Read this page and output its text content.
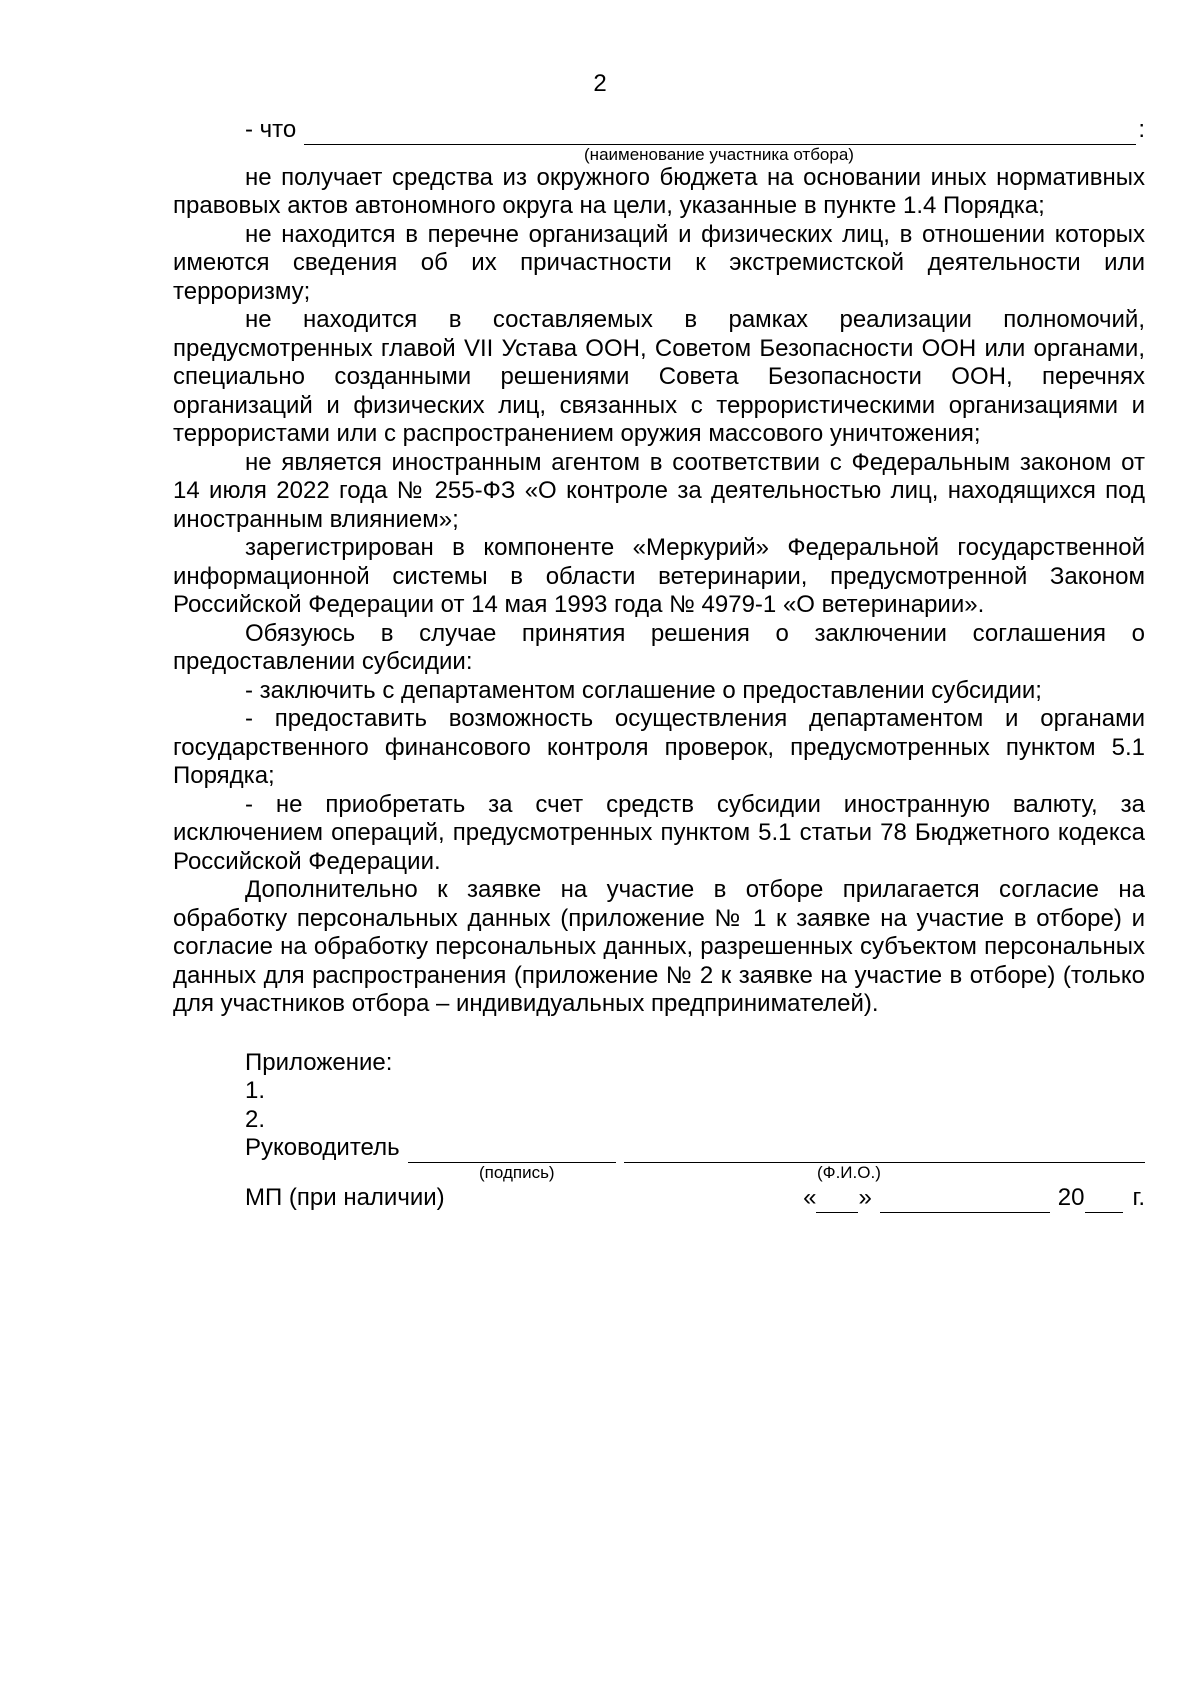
2
- что	:
(наименование участника отбора)

не получает средства из окружного бюджета на основании иных нормативных правовых актов автономного округа на цели, указанные в пункте 1.4 Порядка;

не находится в перечне организаций и физических лиц, в отношении которых имеются сведения об их причастности к экстремистской деятельности или терроризму;

не находится в составляемых в рамках реализации полномочий, предусмотренных главой VII Устава ООН, Советом Безопасности ООН или органами, специально созданными решениями Совета Безопасности ООН, перечнях организаций и физических лиц, связанных с террористическими организациями и террористами или с распространением оружия массового уничтожения;

не является иностранным агентом в соответствии с Федеральным законом от 14 июля 2022 года № 255-ФЗ «О контроле за деятельностью лиц, находящихся под иностранным влиянием»;

зарегистрирован в компоненте «Меркурий» Федеральной государственной информационной системы в области ветеринарии, предусмотренной Законом Российской Федерации от 14 мая 1993 года № 4979-1 «О ветеринарии».

Обязуюсь в случае принятия решения о заключении соглашения о предоставлении субсидии:

- заключить с департаментом соглашение о предоставлении субсидии;

- предоставить возможность осуществления департаментом и органами государственного финансового контроля проверок, предусмотренных пунктом 5.1 Порядка;

- не приобретать за счет средств субсидии иностранную валюту, за исключением операций, предусмотренных пунктом 5.1 статьи 78 Бюджетного кодекса Российской Федерации.

Дополнительно к заявке на участие в отборе прилагается согласие на обработку персональных данных (приложение № 1 к заявке на участие в отборе) и согласие на обработку персональных данных, разрешенных субъектом персональных данных для распространения (приложение № 2 к заявке на участие в отборе) (только для участников отбора – индивидуальных предпринимателей).

Приложение:
1.
2.
Руководитель
(подпись)	(Ф.И.О.)
МП (при наличии)	« »	20 г.
